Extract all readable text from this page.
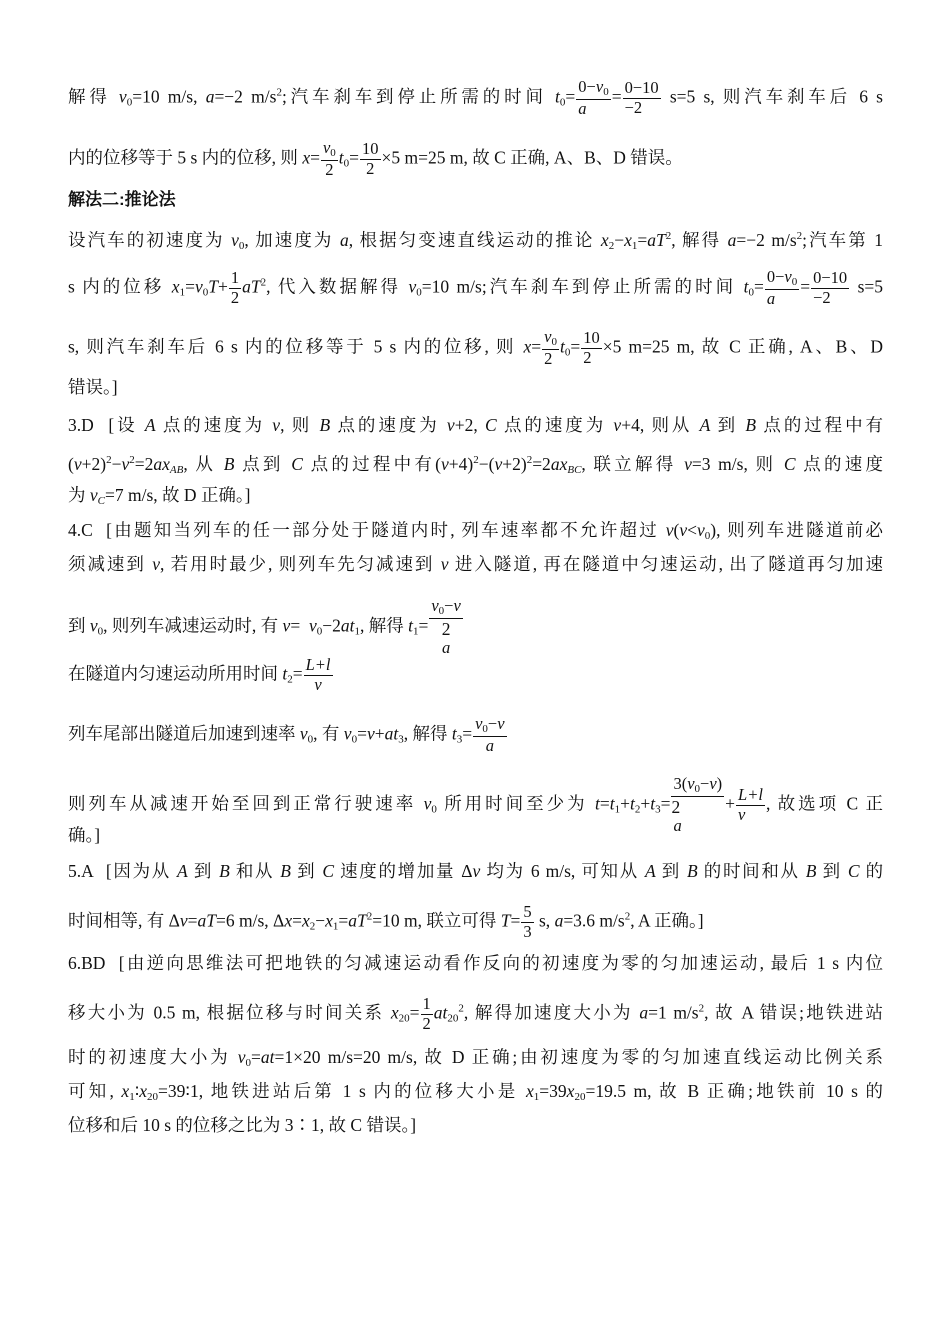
解得 $v_0=10$ m/s, a=−2 $m/s^2$;汽车刹车到停止所需的时间 $t_0= \frac{0-v_0}{a} = \frac{0-10}{-2} s=5$ s, 则汽车刹车后 6 s
内的位移等于 5 s 内的位移, 则 $x= \frac{v_0}{2} t_0= \frac{10}{2} \times 5$ m=25 m, 故 C 正确, A、B、D 错误。
解法二:推论法
设汽车的初速度为 $v_0$, 加速度为 a, 根据匀变速直线运动的推论 $x_2-x_1=aT^2$, 解得 a=−2 $m/s^2$;汽车第 1
s 内的位移 $x_1=v_0T+ \frac{1}{2} aT^2$, 代入数据解得 $v_0=10$ m/s;汽车刹车到停止所需的时间 $t_0= \frac{0-v_0}{a} = \frac{0-10}{-2} s=5$
s, 则汽车刹车后 6 s 内的位移等于 5 s 内的位移, 则 $x= \frac{v_0}{2} t_0= \frac{10}{2} \times 5$ m=25 m, 故 C 正确, A、B、D
错误。]
3.D  [设 A 点的速度为 v, 则 B 点的速度为 v+2, C 点的速度为 v+4, 则从 A 到 B 点的过程中有
$(v+2)^2-v^2=2ax_{AB}$, 从 B 点到 C 点的过程中有$(v+4)^2-(v+2)^2=2ax_{BC}$, 联立解得 v=3 m/s, 则 C 点的速度
为 $v_C=7$ m/s, 故 D 正确。]
4.C  [由题知当列车的任一部分处于隧道内时, 列车速率都不允许超过 $v(v<v_0)$, 则列车进隧道前必
须减速到 v, 若用时最少, 则列车先匀减速到 v 进入隧道, 再在隧道中匀速运动, 出了隧道再匀加速
到 $v_0$, 则列车减速运动时, 有 $v= v_0-2at_1$, 解得 $t_1=$
$v_0-v$
2
a
在隧道内匀速运动所用时间 $t_2= \frac{L+l}{v}$
列车尾部出隧道后加速到速率 $v_0$, 有 $v_0=v+at_3$, 解得 $t_3= \frac{v_0-v}{a}$
则列车从减速开始至回到正常行驶速率 $v_0$ 所用时间至少为 $t=t_1+t_2+t_3=$
$3(v_0-v)$
2
a
+ $\frac{L+l}{v}$ , 故选项 C 正
确。]
5.A  [因为从 A 到 B 和从 B 到 C 速度的增加量 Δv 均为 6 m/s, 可知从 A 到 B 的时间和从 B 到 C 的
时间相等, 有 Δv=aT=6 m/s, $\Delta x=x_2-x_1=aT^2=10$ m, 联立可得 $T= \frac{5}{3} s$, a=3.6 $m/s^2$, A 正确。]
6.BD  [由逆向思维法可把地铁的匀减速运动看作反向的初速度为零的匀加速运动, 最后 1 s 内位
移大小为 0.5 m, 根据位移与时间关系 $x_{20}= \frac{1}{2} at_{20}^2$, 解得加速度大小为 a=1 $m/s^2$, 故 A 错误;地铁进站
时的初速度大小为 $v_0=at=1\times 20$ m/s=20 m/s, 故 D 正确;由初速度为零的匀加速直线运动比例关系
可知, $x_1∶x_{20}=39∶1$, 地铁进站后第 1 s 内的位移大小是 $x_1=39x_{20}=19.5$ m, 故 B 正确;地铁前 10 s 的
位移和后 10 s 的位移之比为 3∶1, 故 C 错误。]
